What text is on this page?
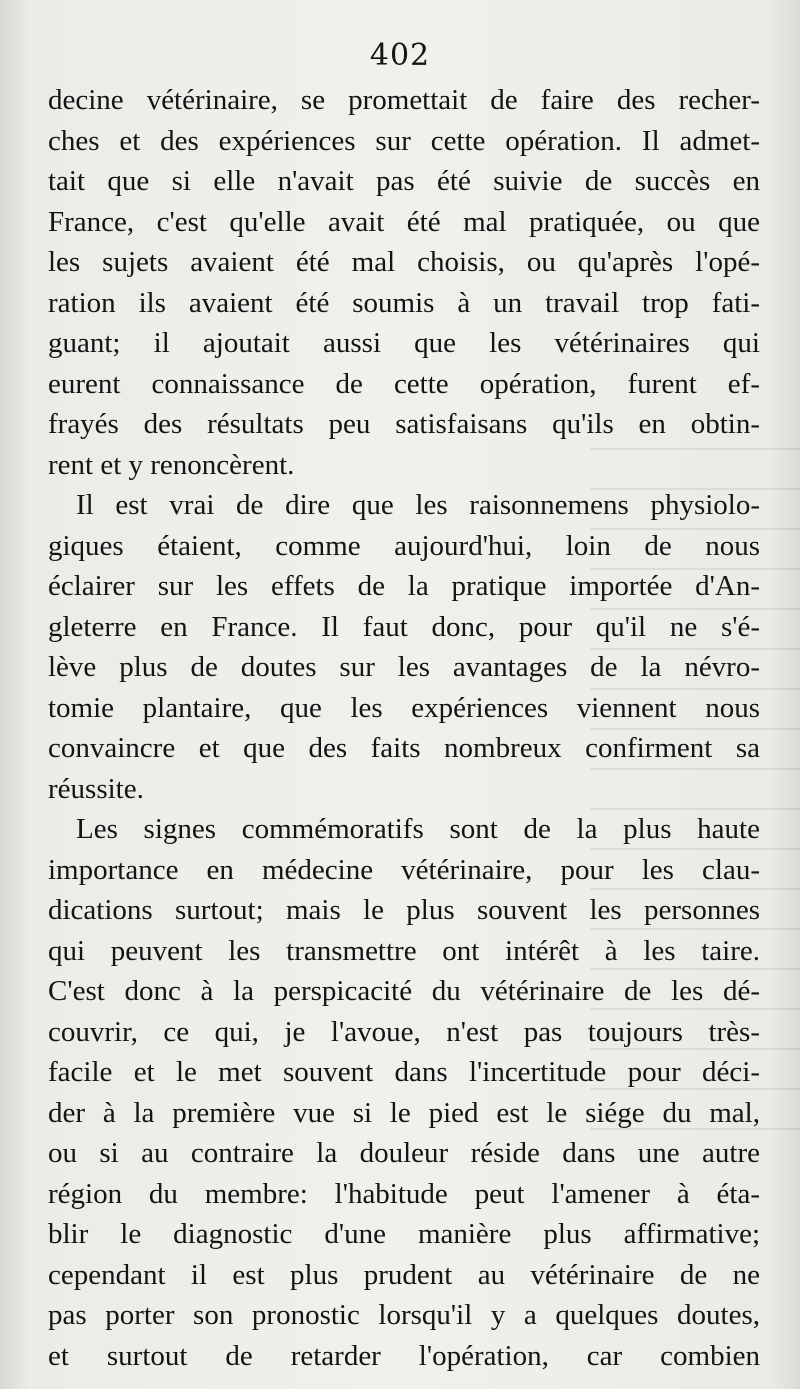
402
decine vétérinaire, se promettait de faire des recher-
ches et des expériences sur cette opération. Il admet-
tait que si elle n'avait pas été suivie de succès en
France, c'est qu'elle avait été mal pratiquée, ou que
les sujets avaient été mal choisis, ou qu'après l'opé-
ration ils avaient été soumis à un travail trop fati-
guant; il ajoutait aussi que les vétérinaires qui
eurent connaissance de cette opération, furent ef-
frayés des résultats peu satisfaisans qu'ils en obtin-
rent et y renoncèrent.
Il est vrai de dire que les raisonnemens physiolo-
giques étaient, comme aujourd'hui, loin de nous
éclairer sur les effets de la pratique importée d'An-
gleterre en France. Il faut donc, pour qu'il ne s'é-
lève plus de doutes sur les avantages de la névro-
tomie plantaire, que les expériences viennent nous
convaincre et que des faits nombreux confirment sa
réussite.
Les signes commémoratifs sont de la plus haute
importance en médecine vétérinaire, pour les clau-
dications surtout; mais le plus souvent les personnes
qui peuvent les transmettre ont intérêt à les taire.
C'est donc à la perspicacité du vétérinaire de les dé-
couvrir, ce qui, je l'avoue, n'est pas toujours très-
facile et le met souvent dans l'incertitude pour déci-
der à la première vue si le pied est le siége du mal,
ou si au contraire la douleur réside dans une autre
région du membre: l'habitude peut l'amener à éta-
blir le diagnostic d'une manière plus affirmative;
cependant il est plus prudent au vétérinaire de ne
pas porter son pronostic lorsqu'il y a quelques doutes,
et surtout de retarder l'opération, car combien
